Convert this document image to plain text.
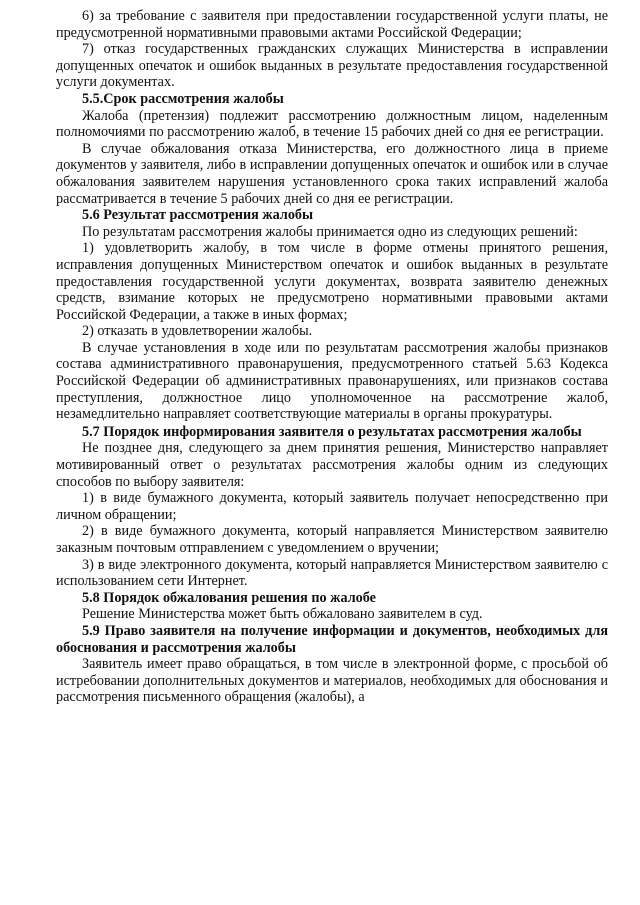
6) за требование с заявителя при предоставлении государственной услуги платы, не предусмотренной нормативными правовыми актами Российской Федерации;

7) отказ государственных гражданских служащих Министерства в исправлении допущенных опечаток и ошибок выданных в результате предоставления государственной услуги документах.

5.5.Срок рассмотрения жалобы

Жалоба (претензия) подлежит рассмотрению должностным лицом, наделенным полномочиями по рассмотрению жалоб, в течение 15 рабочих дней со дня ее регистрации.

В случае обжалования отказа Министерства, его должностного лица в приеме документов у заявителя, либо в исправлении допущенных опечаток и ошибок или в случае обжалования заявителем нарушения установленного срока таких исправлений жалоба рассматривается в течение 5 рабочих дней со дня ее регистрации.

5.6 Результат рассмотрения жалобы

По результатам рассмотрения жалобы принимается одно из следующих решений:

1) удовлетворить жалобу, в том числе в форме отмены принятого решения, исправления допущенных Министерством опечаток и ошибок выданных в результате предоставления государственной услуги документах, возврата заявителю денежных средств, взимание которых не предусмотрено нормативными правовыми актами Российской Федерации, а также в иных формах;

2) отказать в удовлетворении жалобы.

В случае установления в ходе или по результатам рассмотрения жалобы признаков состава административного правонарушения, предусмотренного статьей 5.63 Кодекса Российской Федерации об административных правонарушениях, или признаков состава преступления, должностное лицо уполномоченное на рассмотрение жалоб, незамедлительно направляет соответствующие материалы в органы прокуратуры.

5.7 Порядок информирования заявителя о результатах рассмотрения жалобы

Не позднее дня, следующего за днем принятия решения, Министерство направляет мотивированный ответ о результатах рассмотрения жалобы одним из следующих способов по выбору заявителя:

1) в виде бумажного документа, который заявитель получает непосредственно при личном обращении;

2) в виде бумажного документа, который направляется Министерством заявителю заказным почтовым отправлением с уведомлением о вручении;

3) в виде электронного документа, который направляется Министерством заявителю с использованием сети Интернет.

5.8 Порядок обжалования решения по жалобе

Решение Министерства может быть обжаловано заявителем в суд.

5.9 Право заявителя на получение информации и документов, необходимых для обоснования и рассмотрения жалобы

Заявитель имеет право обращаться, в том числе в электронной форме, с просьбой об истребовании дополнительных документов и материалов, необходимых для обоснования и рассмотрения письменного обращения (жалобы), а
